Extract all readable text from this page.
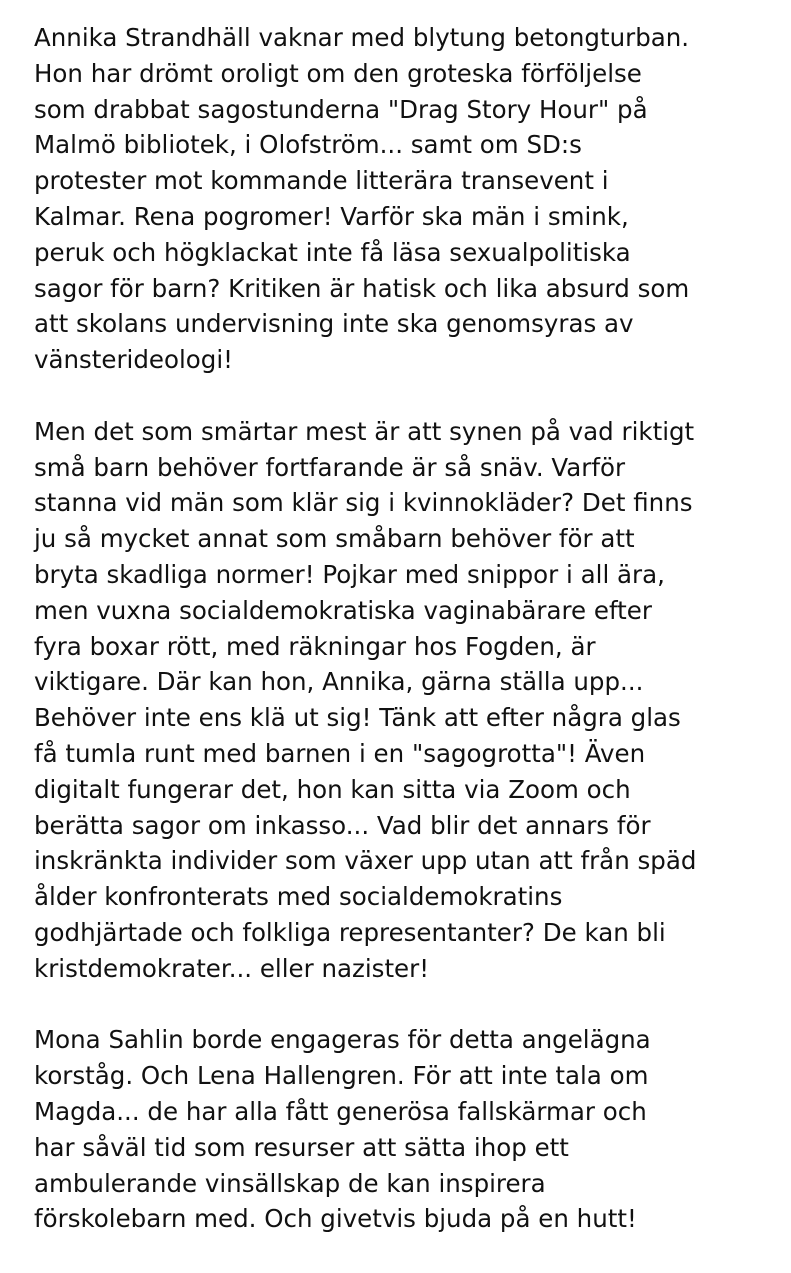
Annika Strandhäll vaknar med blytung betongturban.
Hon har drömt oroligt om den groteska förföljelse
som drabbat sagostunderna "Drag Story Hour" på
Malmö bibliotek, i Olofström... samt om SD:s
protester mot kommande litterära transevent i
Kalmar. Rena pogromer! Varför ska män i smink,
peruk och högklackat inte få läsa sexualpolitiska
sagor för barn? Kritiken är hatisk och lika absurd som
att skolans undervisning inte ska genomsyras av
vänsterideologi!

Men det som smärtar mest är att synen på vad riktigt
små barn behöver fortfarande är så snäv. Varför
stanna vid män som klär sig i kvinnokläder? Det finns
ju så mycket annat som småbarn behöver för att
bryta skadliga normer! Pojkar med snippor i all ära,
men vuxna socialdemokratiska vaginabärare efter
fyra boxar rött, med räkningar hos Fogden, är
viktigare. Där kan hon, Annika, gärna ställa upp...
Behöver inte ens klä ut sig! Tänk att efter några glas
få tumla runt med barnen i en "sagogrotta"! Även
digitalt fungerar det, hon kan sitta via Zoom och
berätta sagor om inkasso... Vad blir det annars för
inskränkta individer som växer upp utan att från späd
ålder konfronterats med socialdemokratins
godhjärtade och folkliga representanter? De kan bli
kristdemokrater... eller nazister!

Mona Sahlin borde engageras för detta angelägna
korståg. Och Lena Hallengren. För att inte tala om
Magda... de har alla fått generösa fallskärmar och
har såväl tid som resurser att sätta ihop ett
ambulerande vinsällskap de kan inspirera
förskolebarn med. Och givetvis bjuda på en hutt!
